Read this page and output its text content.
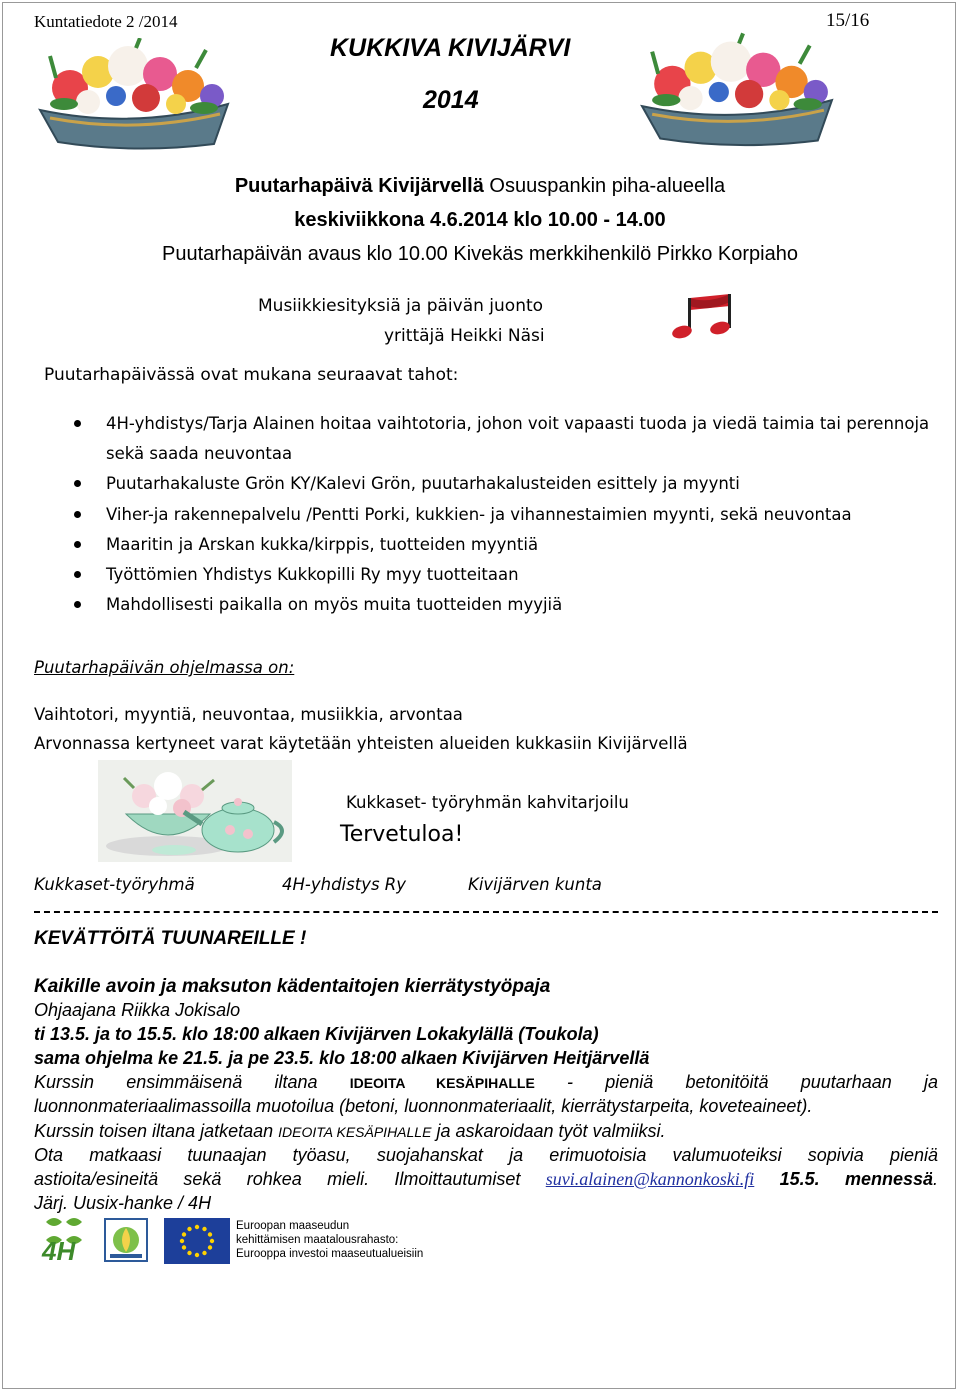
Kuntatiedote 2 /2014	15/16
KUKKIVA KIVIJÄRVI
2014
Puutarhapäivä Kivijärvellä Osuuspankin piha-alueella
keskiviikkona 4.6.2014 klo 10.00 - 14.00
Puutarhapäivän avaus klo 10.00 Kivekäs merkkihenkilö Pirkko Korpiaho
Musiikkiesityksiä ja päivän juonto
yrittäjä Heikki Näsi
Puutarhapäivässä ovat mukana seuraavat tahot:
4H-yhdistys/Tarja Alainen hoitaa vaihtotoria, johon voit vapaasti tuoda ja viedä taimia tai perennoja sekä saada neuvontaa
Puutarhakaluste Grön KY/Kalevi Grön, puutarhakalusteiden esittely ja myynti
Viher-ja rakennepalvelu /Pentti Porki, kukkien- ja vihannestaimien myynti, sekä neuvontaa
Maaritin ja Arskan kukka/kirppis, tuotteiden myyntiä
Työttömien Yhdistys Kukkopilli Ry myy tuotteitaan
Mahdollisesti paikalla on myös muita tuotteiden myyjiä
Puutarhapäivän ohjelmassa on:
Vaihtotori, myyntiä, neuvontaa, musiikkia, arvontaa
Arvonnassa kertyneet varat käytetään yhteisten alueiden kukkasiin Kivijärvellä
Kukkaset- työryhmän kahvitarjoilu
Tervetuloa!
Kukkaset-työryhmä	4H-yhdistys Ry	Kivijärven kunta
KEVÄTTÖITÄ TUUNAREILLE !
Kaikille avoin ja maksuton kädentaitojen kierrätystyöpaja
Ohjaajana Riikka Jokisalo
ti 13.5. ja to 15.5. klo 18:00 alkaen Kivijärven Lokakylällä (Toukola)
sama ohjelma ke 21.5. ja pe 23.5. klo 18:00 alkaen Kivijärven Heitjärvellä
Kurssin ensimmäisenä iltana IDEOITA KESÄPIHALLE - pieniä betonitöitä puutarhaan ja
luonnonmateriaalimassoilla muotoilua (betoni, luonnonmateriaalit, kierrätystarpeita, koveteaineet).
Kurssin toisen iltana jatketaan IDEOITA KESÄPIHALLE ja askaroidaan työt valmiiksi.
Ota matkaasi tuunaajan työasu, suojahanskat ja erimuotoisia valumuoteiksi sopivia pieniä
astioita/esineitä sekä rohkea mieli. Ilmoittautumiset suvi.alainen@kannonkoski.fi 15.5. mennessä.
Järj. Uusix-hanke / 4H
4H
Euroopan maaseudun
kehittämisen maatalousrahasto:
Eurooppa investoi maaseutualueisiin
